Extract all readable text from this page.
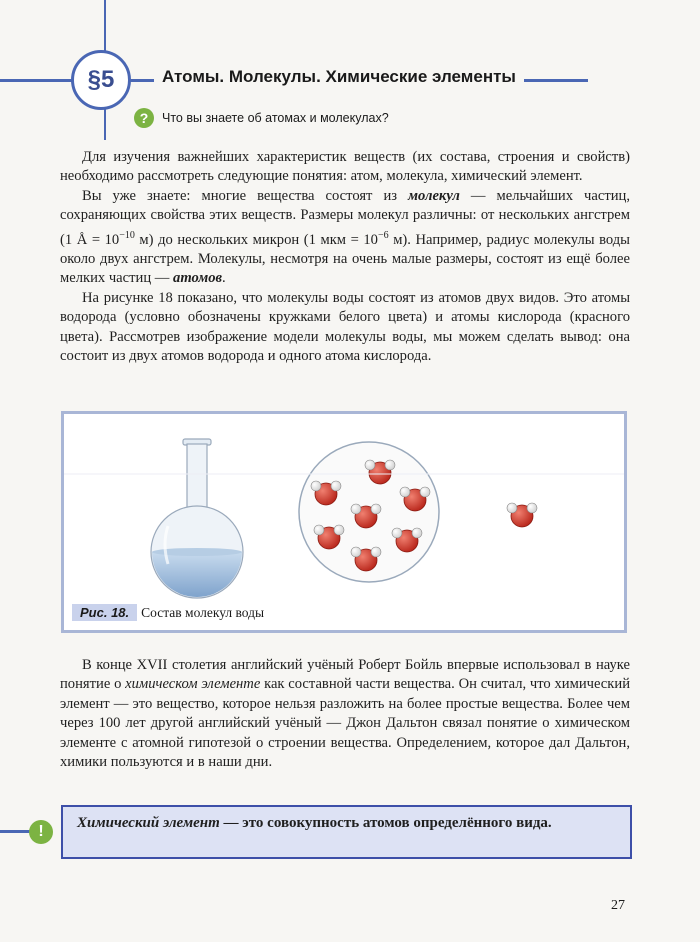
§5	Атомы. Молекулы. Химические элементы
?	Что вы знаете об атомах и молекулах?

Для изучения важнейших характеристик веществ (их состава, строения и свойств) необходимо рассмотреть следующие понятия: атом, молекула, химический элемент.

Вы уже знаете: многие вещества состоят из молекул — мельчайших частиц, сохраняющих свойства этих веществ. Размеры молекул различны: от нескольких ангстрем (1 Å = $10^{-10}$ м) до нескольких микрон (1 мкм = $10^{-6}$ м). Например, радиус молекулы воды около двух ангстрем. Молекулы, несмотря на очень малые размеры, состоят из ещё более мелких частиц — атомов.

На рисунке 18 показано, что молекулы воды состоят из атомов двух видов. Это атомы водорода (условно обозначены кружками белого цвета) и атомы кислорода (красного цвета). Рассмотрев изображение модели молекулы воды, мы можем сделать вывод: она состоит из двух атомов водорода и одного атома кислорода.

Рис. 18. Состав молекул воды

В конце XVII столетия английский учёный Роберт Бойль впервые использовал в науке понятие о химическом элементе как составной части вещества. Он считал, что химический элемент — это вещество, которое нельзя разложить на более простые вещества. Более чем через 100 лет другой английский учёный — Джон Дальтон связал понятие о химическом элементе с атомной гипотезой о строении вещества. Определением, которое дал Дальтон, химики пользуются и в наши дни.

Химический элемент — это совокупность атомов определённого вида.
!
27
